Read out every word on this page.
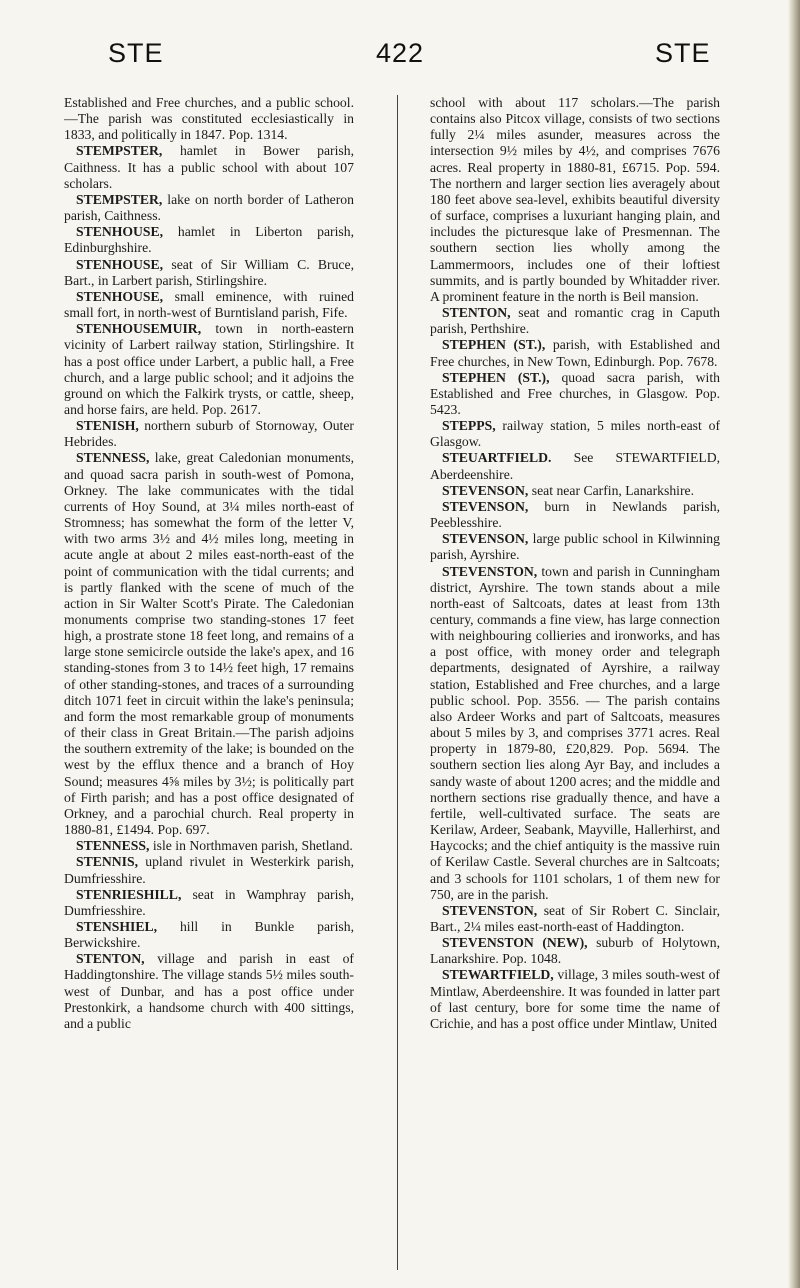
STE	422	STE

Established and Free churches, and a public school.—The parish was constituted ecclesiastically in 1833, and politically in 1847. Pop. 1314.

STEMPSTER, hamlet in Bower parish, Caithness. It has a public school with about 107 scholars.

STEMPSTER, lake on north border of Latheron parish, Caithness.

STENHOUSE, hamlet in Liberton parish, Edinburghshire.

STENHOUSE, seat of Sir William C. Bruce, Bart., in Larbert parish, Stirlingshire.

STENHOUSE, small eminence, with ruined small fort, in north-west of Burntisland parish, Fife.

STENHOUSEMUIR, town in north-eastern vicinity of Larbert railway station, Stirlingshire. It has a post office under Larbert, a public hall, a Free church, and a large public school; and it adjoins the ground on which the Falkirk trysts, or cattle, sheep, and horse fairs, are held. Pop. 2617.

STENISH, northern suburb of Stornoway, Outer Hebrides.

STENNESS, lake, great Caledonian monuments, and quoad sacra parish in south-west of Pomona, Orkney. The lake communicates with the tidal currents of Hoy Sound, at 3¼ miles north-east of Stromness; has somewhat the form of the letter V, with two arms 3½ and 4½ miles long, meeting in acute angle at about 2 miles east-north-east of the point of communication with the tidal currents; and is partly flanked with the scene of much of the action in Sir Walter Scott's Pirate. The Caledonian monuments comprise two standing-stones 17 feet high, a prostrate stone 18 feet long, and remains of a large stone semicircle outside the lake's apex, and 16 standing-stones from 3 to 14½ feet high, 17 remains of other standing-stones, and traces of a surrounding ditch 1071 feet in circuit within the lake's peninsula; and form the most remarkable group of monuments of their class in Great Britain.—The parish adjoins the southern extremity of the lake; is bounded on the west by the efflux thence and a branch of Hoy Sound; measures 4⅝ miles by 3½; is politically part of Firth parish; and has a post office designated of Orkney, and a parochial church. Real property in 1880-81, £1494. Pop. 697.

STENNESS, isle in Northmaven parish, Shetland.

STENNIS, upland rivulet in Westerkirk parish, Dumfriesshire.

STENRIESHILL, seat in Wamphray parish, Dumfriesshire.

STENSHIEL, hill in Bunkle parish, Berwickshire.

STENTON, village and parish in east of Haddingtonshire. The village stands 5½ miles south-west of Dunbar, and has a post office under Prestonkirk, a handsome church with 400 sittings, and a public

school with about 117 scholars.—The parish contains also Pitcox village, consists of two sections fully 2¼ miles asunder, measures across the intersection 9½ miles by 4½, and comprises 7676 acres. Real property in 1880-81, £6715. Pop. 594. The northern and larger section lies averagely about 180 feet above sea-level, exhibits beautiful diversity of surface, comprises a luxuriant hanging plain, and includes the picturesque lake of Presmennan. The southern section lies wholly among the Lammermoors, includes one of their loftiest summits, and is partly bounded by Whitadder river. A prominent feature in the north is Beil mansion.

STENTON, seat and romantic crag in Caputh parish, Perthshire.

STEPHEN (ST.), parish, with Established and Free churches, in New Town, Edinburgh. Pop. 7678.

STEPHEN (ST.), quoad sacra parish, with Established and Free churches, in Glasgow. Pop. 5423.

STEPPS, railway station, 5 miles north-east of Glasgow.

STEUARTFIELD. See STEWARTFIELD, Aberdeenshire.

STEVENSON, seat near Carfin, Lanarkshire.

STEVENSON, burn in Newlands parish, Peeblesshire.

STEVENSON, large public school in Kilwinning parish, Ayrshire.

STEVENSTON, town and parish in Cunningham district, Ayrshire. The town stands about a mile north-east of Saltcoats, dates at least from 13th century, commands a fine view, has large connection with neighbouring collieries and ironworks, and has a post office, with money order and telegraph departments, designated of Ayrshire, a railway station, Established and Free churches, and a large public school. Pop. 3556. — The parish contains also Ardeer Works and part of Saltcoats, measures about 5 miles by 3, and comprises 3771 acres. Real property in 1879-80, £20,829. Pop. 5694. The southern section lies along Ayr Bay, and includes a sandy waste of about 1200 acres; and the middle and northern sections rise gradually thence, and have a fertile, well-cultivated surface. The seats are Kerilaw, Ardeer, Seabank, Mayville, Hallerhirst, and Haycocks; and the chief antiquity is the massive ruin of Kerilaw Castle. Several churches are in Saltcoats; and 3 schools for 1101 scholars, 1 of them new for 750, are in the parish.

STEVENSTON, seat of Sir Robert C. Sinclair, Bart., 2¼ miles east-north-east of Haddington.

STEVENSTON (NEW), suburb of Holytown, Lanarkshire. Pop. 1048.

STEWARTFIELD, village, 3 miles south-west of Mintlaw, Aberdeenshire. It was founded in latter part of last century, bore for some time the name of Crichie, and has a post office under Mintlaw, United
